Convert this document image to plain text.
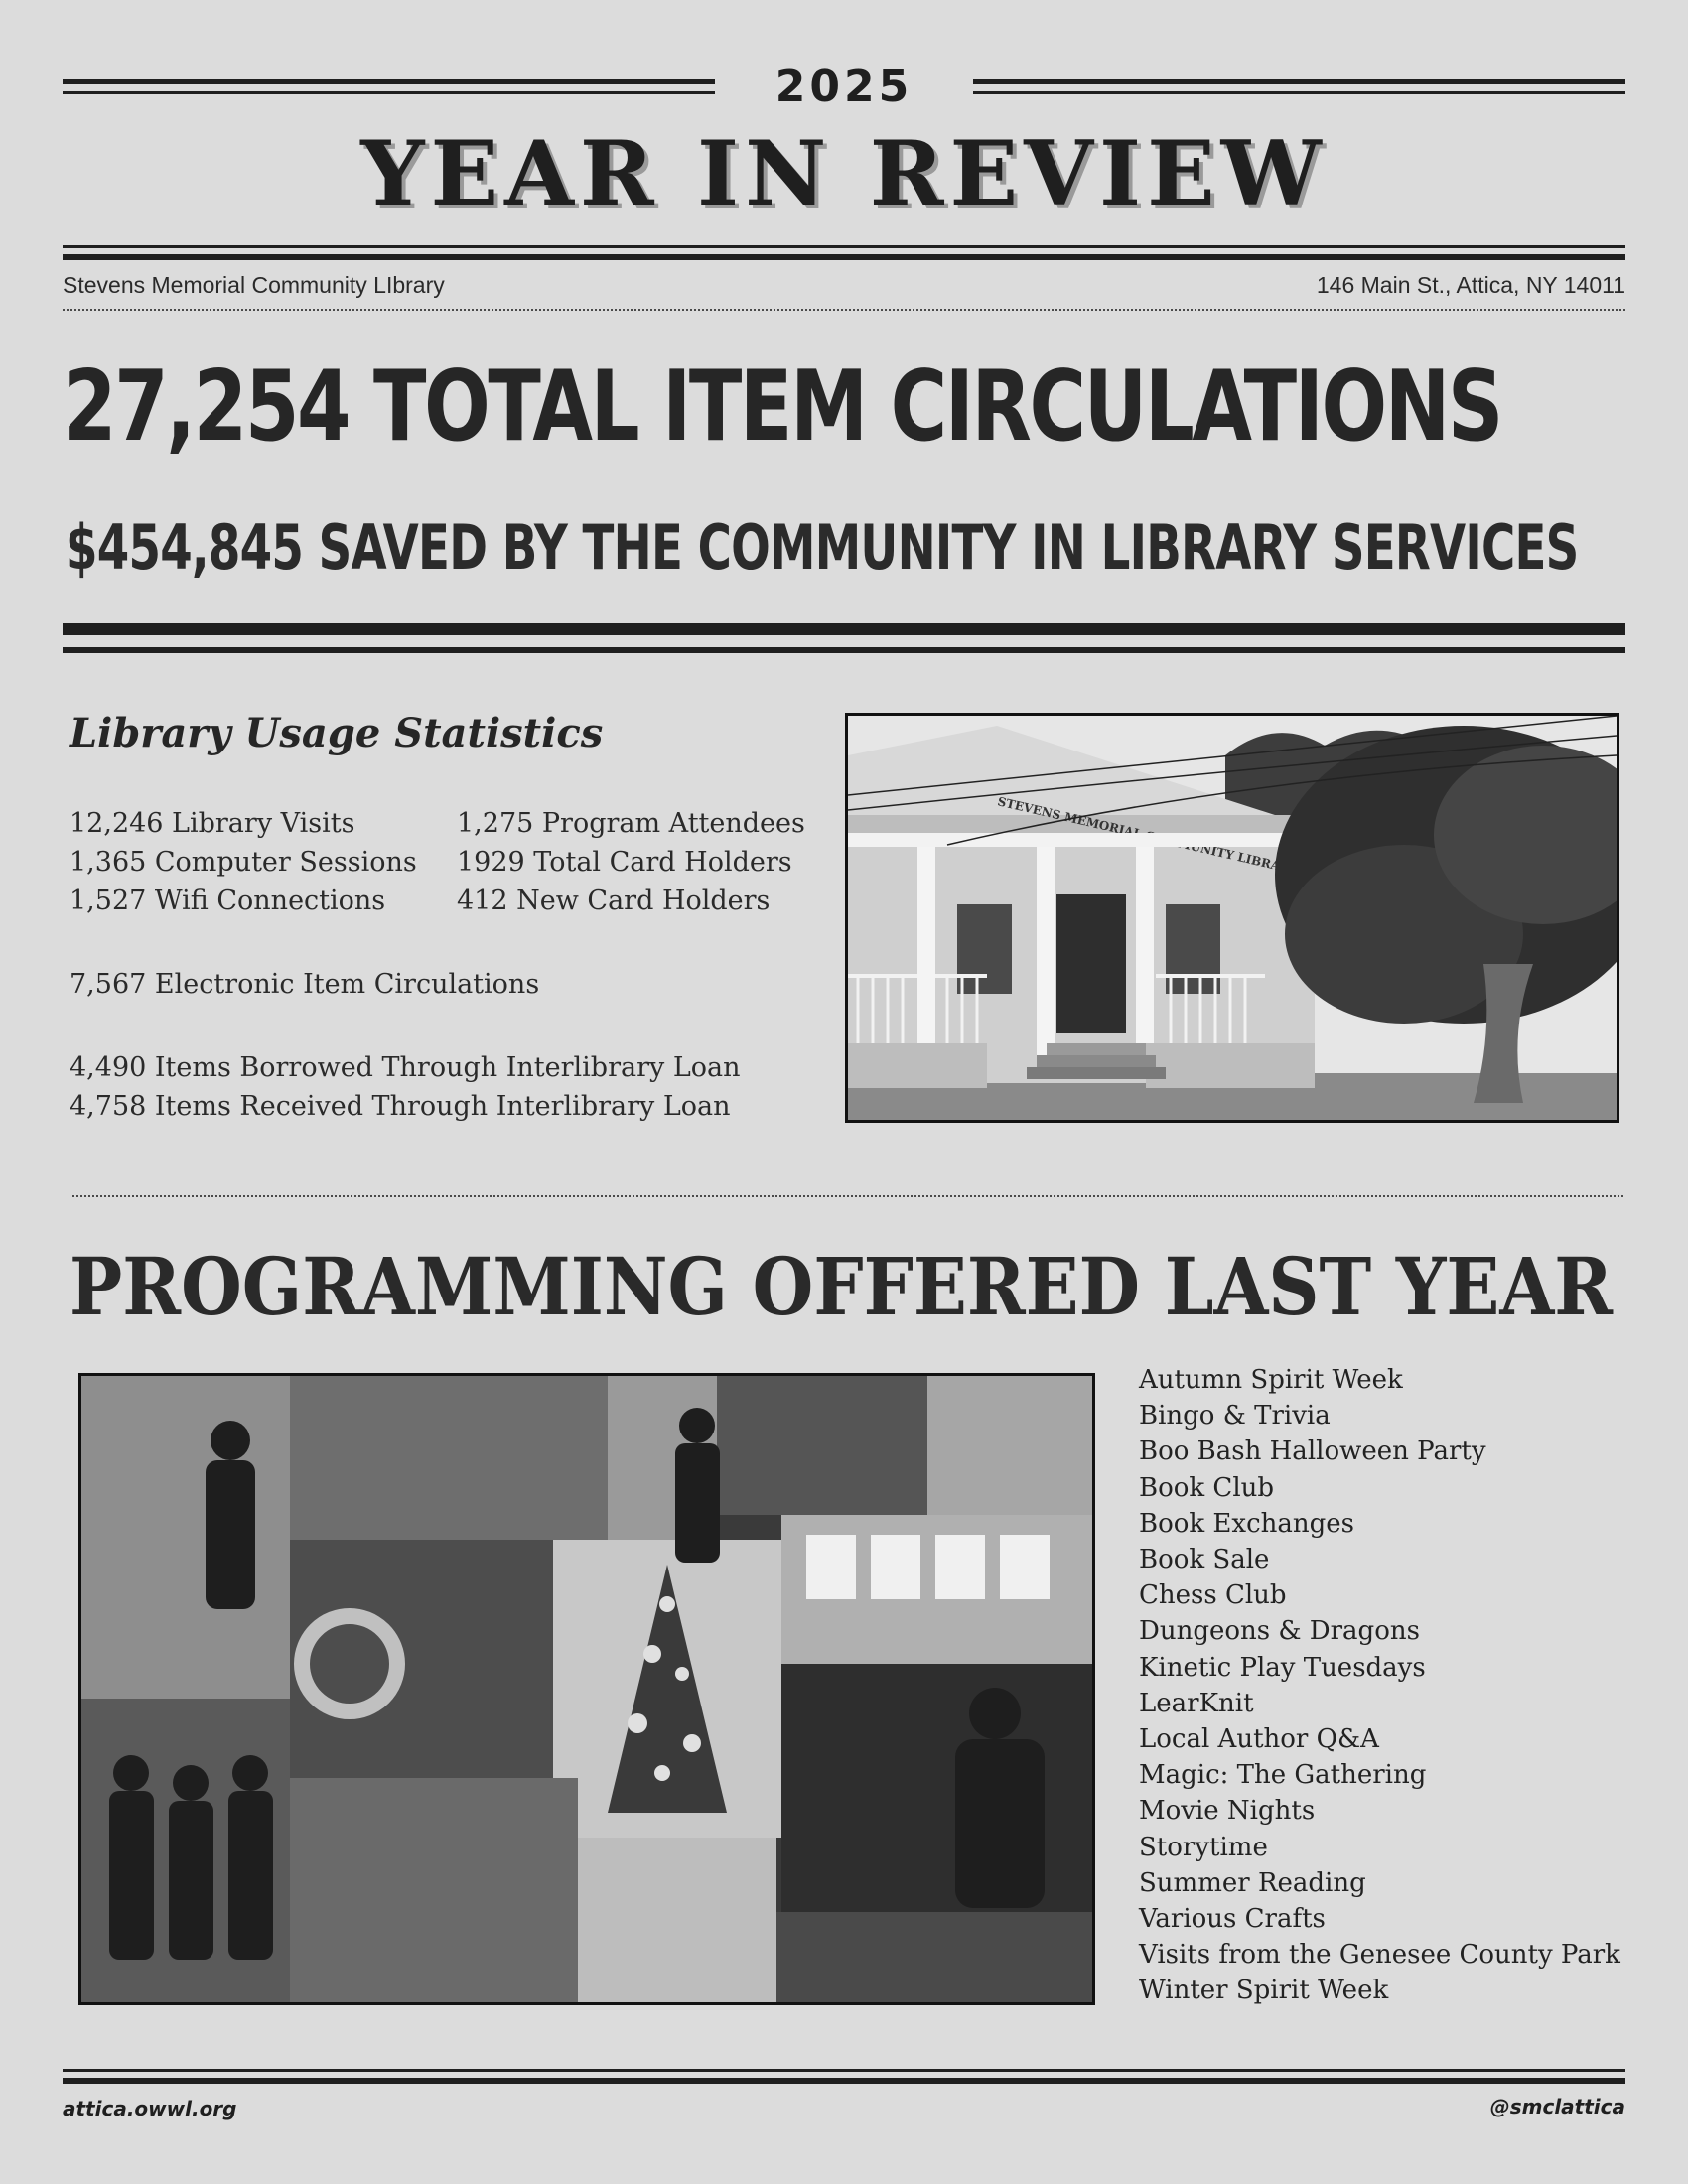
2025
YEAR IN REVIEW
Stevens Memorial Community LIbrary	146 Main St., Attica, NY 14011
27,254 TOTAL ITEM CIRCULATIONS
$454,845 SAVED BY THE COMMUNITY IN LIBRARY SERVICES
Library Usage Statistics
12,246 Library Visits
1,365 Computer Sessions
1,527 Wifi Connections
1,275 Program Attendees
1929 Total Card Holders
412 New Card Holders
7,567 Electronic Item Circulations
4,490 Items Borrowed Through Interlibrary Loan
4,758 Items Received Through Interlibrary Loan
STEVENS MEMORIAL LIBRARY
PROGRAMMING OFFERED LAST YEAR
Autumn Spirit Week
Bingo & Trivia
Boo Bash Halloween Party
Book Club
Book Exchanges
Book Sale
Chess Club
Dungeons & Dragons
Kinetic Play Tuesdays
LearKnit
Local Author Q&A
Magic: The Gathering
Movie Nights
Storytime
Summer Reading
Various Crafts
Visits from the Genesee County Park
Winter Spirit Week
attica.owwl.org	@smclattica
